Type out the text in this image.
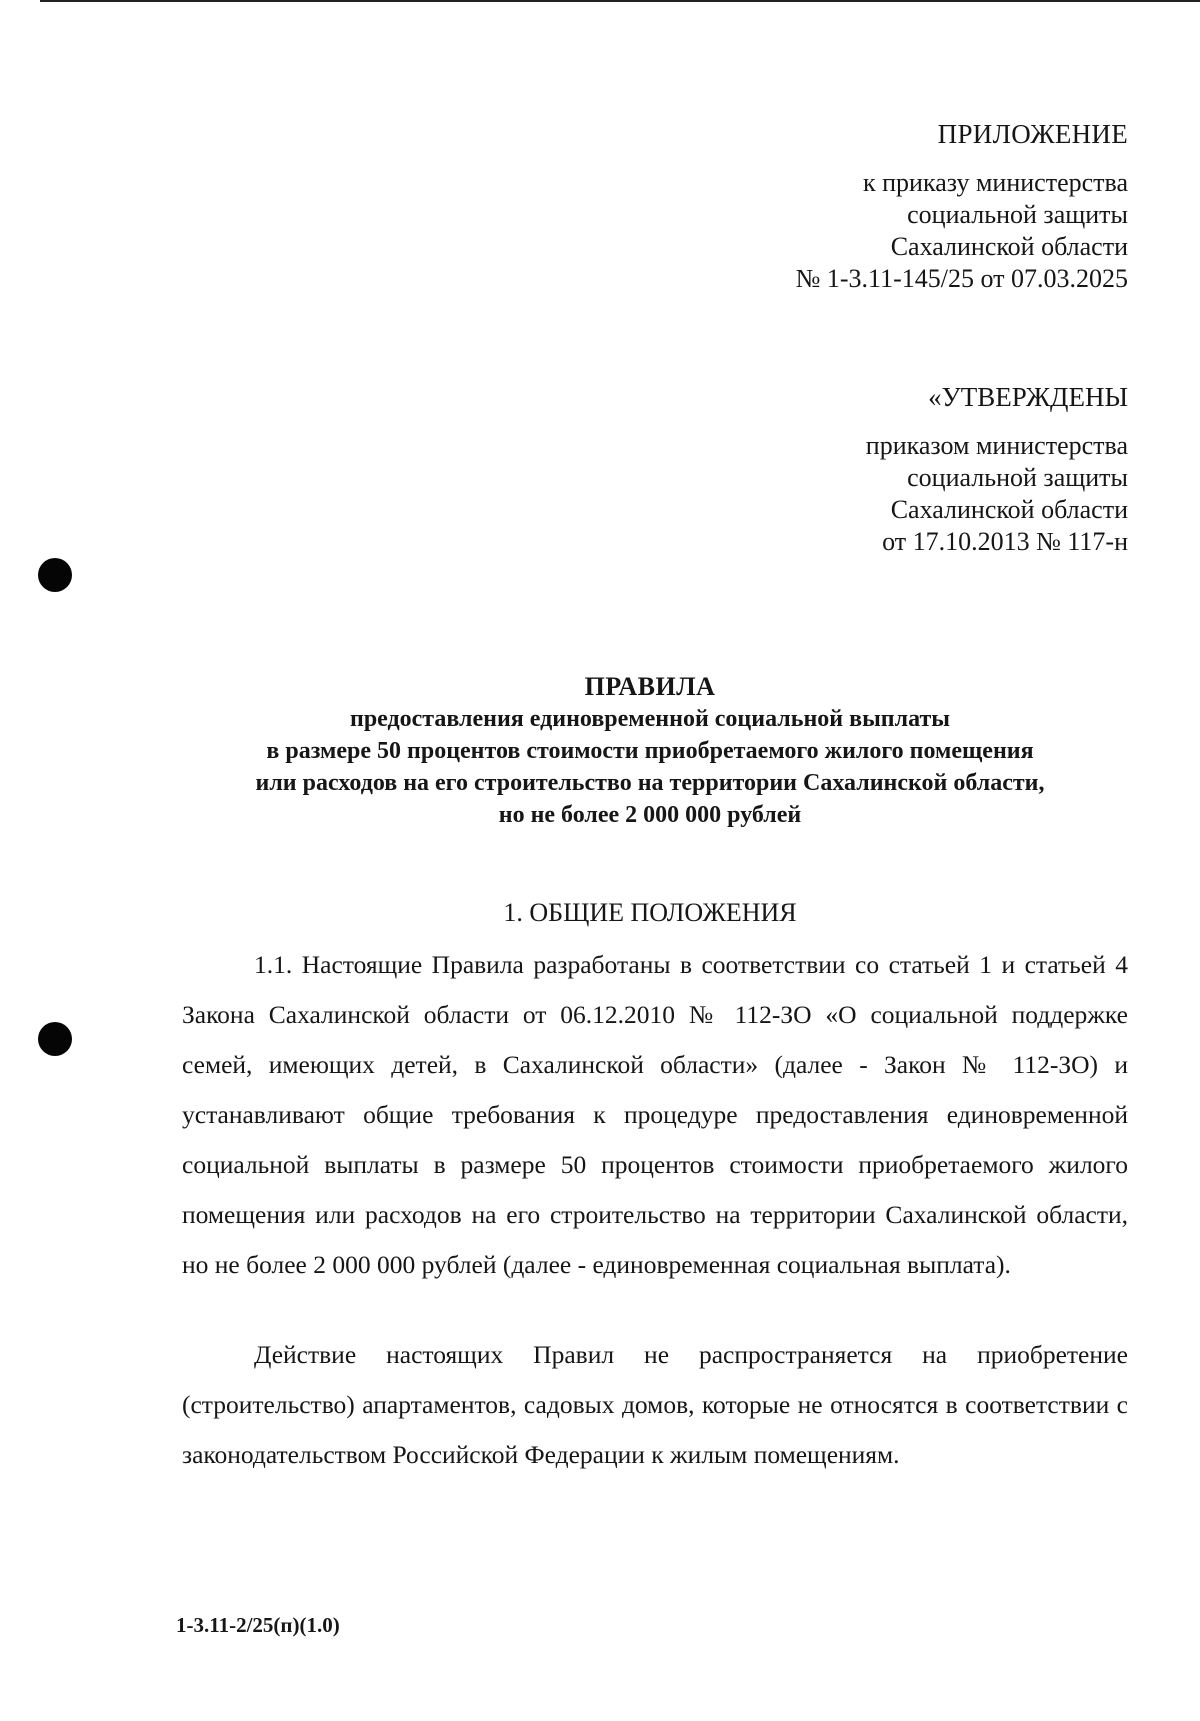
ПРИЛОЖЕНИЕ
к приказу министерства
социальной защиты
Сахалинской области
№ 1-3.11-145/25 от 07.03.2025
«УТВЕРЖДЕНЫ
приказом министерства
социальной защиты
Сахалинской области
от 17.10.2013 № 117-н
ПРАВИЛА
предоставления единовременной социальной выплаты
в размере 50 процентов стоимости приобретаемого жилого помещения
или расходов на его строительство на территории Сахалинской области,
но не более 2 000 000 рублей
1. ОБЩИЕ ПОЛОЖЕНИЯ

1.1. Настоящие Правила разработаны в соответствии со статьей 1 и статьей 4 Закона Сахалинской области от 06.12.2010 № 112-ЗО «О социальной поддержке семей, имеющих детей, в Сахалинской области» (далее - Закон № 112-ЗО) и устанавливают общие требования к процедуре предоставления единовременной социальной выплаты в размере 50 процентов стоимости приобретаемого жилого помещения или расходов на его строительство на территории Сахалинской области, но не более 2 000 000 рублей (далее - единовременная социальная выплата).

Действие настоящих Правил не распространяется на приобретение (строительство) апартаментов, садовых домов, которые не относятся в соответствии с законодательством Российской Федерации к жилым помещениям.

1-3.11-2/25(п)(1.0)
